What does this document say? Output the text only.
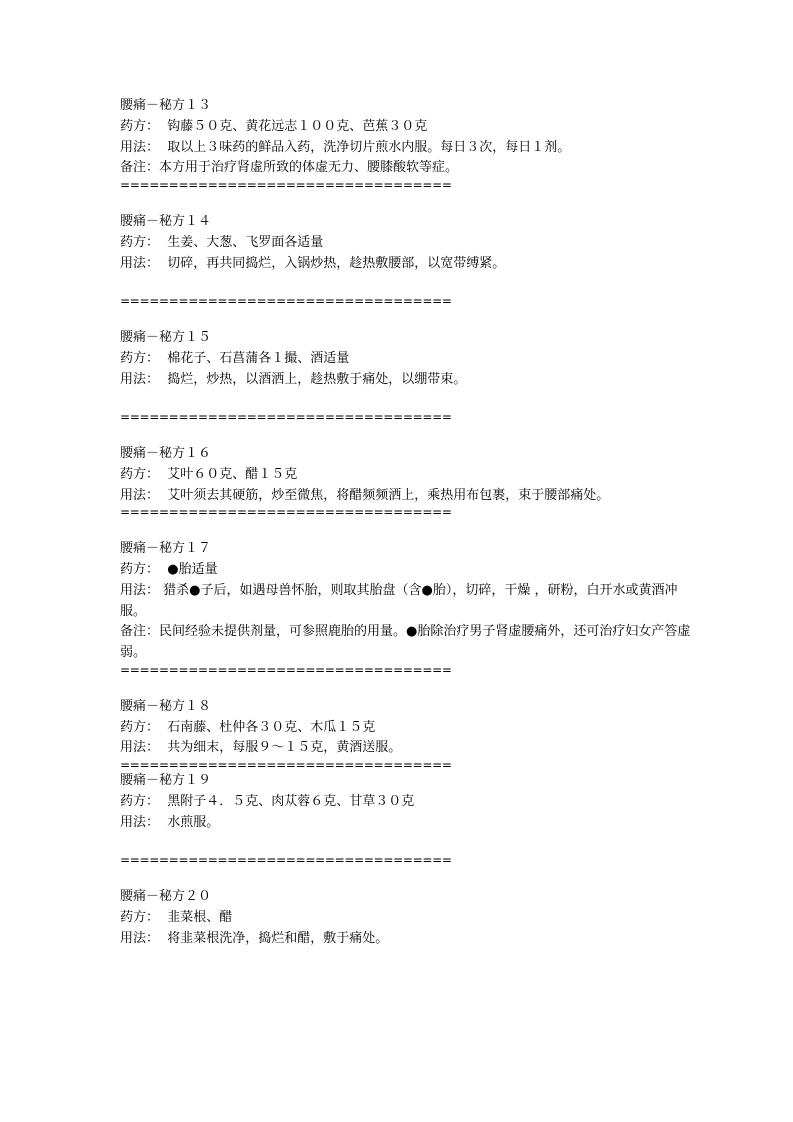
腰痛－秘方１３
药方：  钩藤５０克、黄花远志１００克、芭蕉３０克
用法：  取以上３味药的鲜品入药，洗净切片煎水内服。每日３次，每日１剂。
备注：本方用于治疗肾虚所致的体虚无力、腰膝酸软等症。
==================================
腰痛－秘方１４
药方：  生姜、大葱、飞罗面各适量
用法：  切碎，再共同捣烂，入锅炒热，趁热敷腰部，以宽带缚紧。
==================================
腰痛－秘方１５
药方：  棉花子、石菖蒲各１撮、酒适量
用法：  捣烂，炒热，以酒洒上，趁热敷于痛处，以绷带束。
==================================
腰痛－秘方１６
药方：  艾叶６０克、醋１５克
用法：  艾叶须去其硬筋，炒至微焦，将醋频频洒上，乘热用布包裹，束于腰部痛处。
==================================
腰痛－秘方１７
药方：  ●胎适量
用法： 猎杀●子后，如遇母兽怀胎，则取其胎盘（含●胎），切碎，干燥 ，研粉，白开水或黄酒冲服。
备注：民间经验未提供剂量，可参照鹿胎的用量。●胎除治疗男子肾虚腰痛外，还可治疗妇女产答虚弱。
==================================
腰痛－秘方１８
药方：  石南藤、杜仲各３０克、木瓜１５克
用法：  共为细末，每服９～１５克，黄酒送服。
==================================
腰痛－秘方１９
药方：  黑附子４．５克、肉苁蓉６克、甘草３０克
用法：  水煎服。
==================================
腰痛－秘方２０
药方：  韭菜根、醋
用法：  将韭菜根洗净，捣烂和醋，敷于痛处。
